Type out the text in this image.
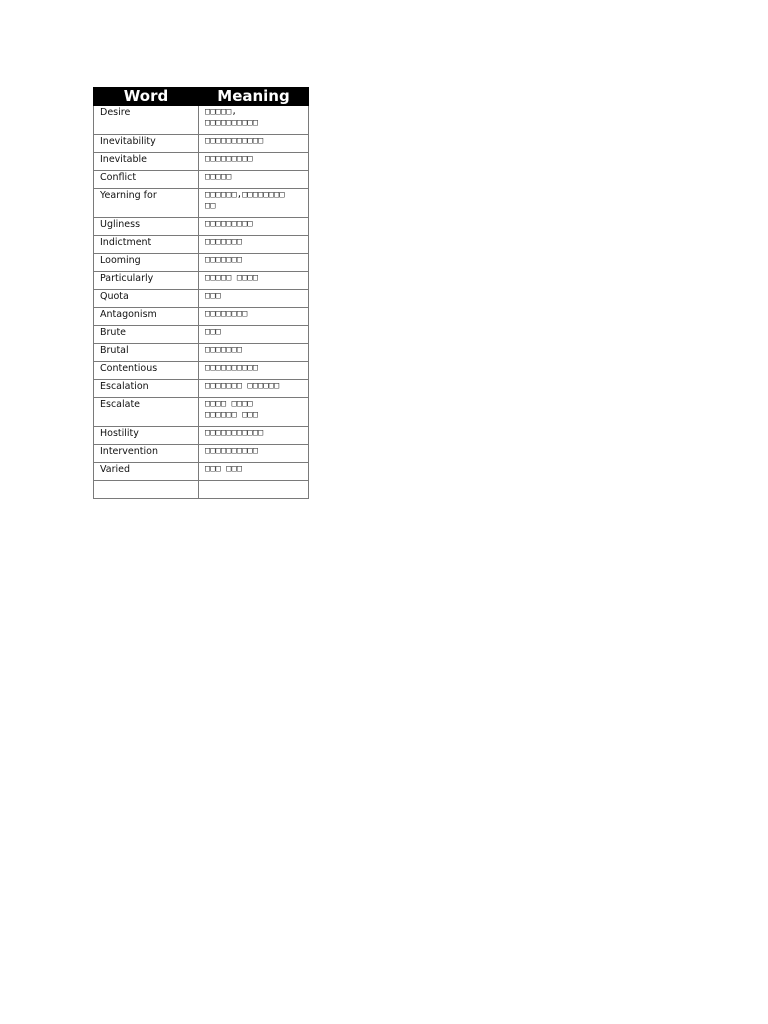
Word	Meaning
Desire	□□□□□,
□□□□□□□□□□
Inevitability	□□□□□□□□□□□
Inevitable	□□□□□□□□□
Conflict	□□□□□
Yearning for	□□□□□□,□□□□□□□□
□□
Ugliness	□□□□□□□□□
Indictment	□□□□□□□
Looming	□□□□□□□
Particularly	□□□□□ □□□□
Quota	□□□
Antagonism	□□□□□□□□
Brute	□□□
Brutal	□□□□□□□
Contentious	□□□□□□□□□□
Escalation	□□□□□□□ □□□□□□
Escalate	□□□□ □□□□
□□□□□□ □□□
Hostility	□□□□□□□□□□□
Intervention	□□□□□□□□□□
Varied	□□□ □□□
